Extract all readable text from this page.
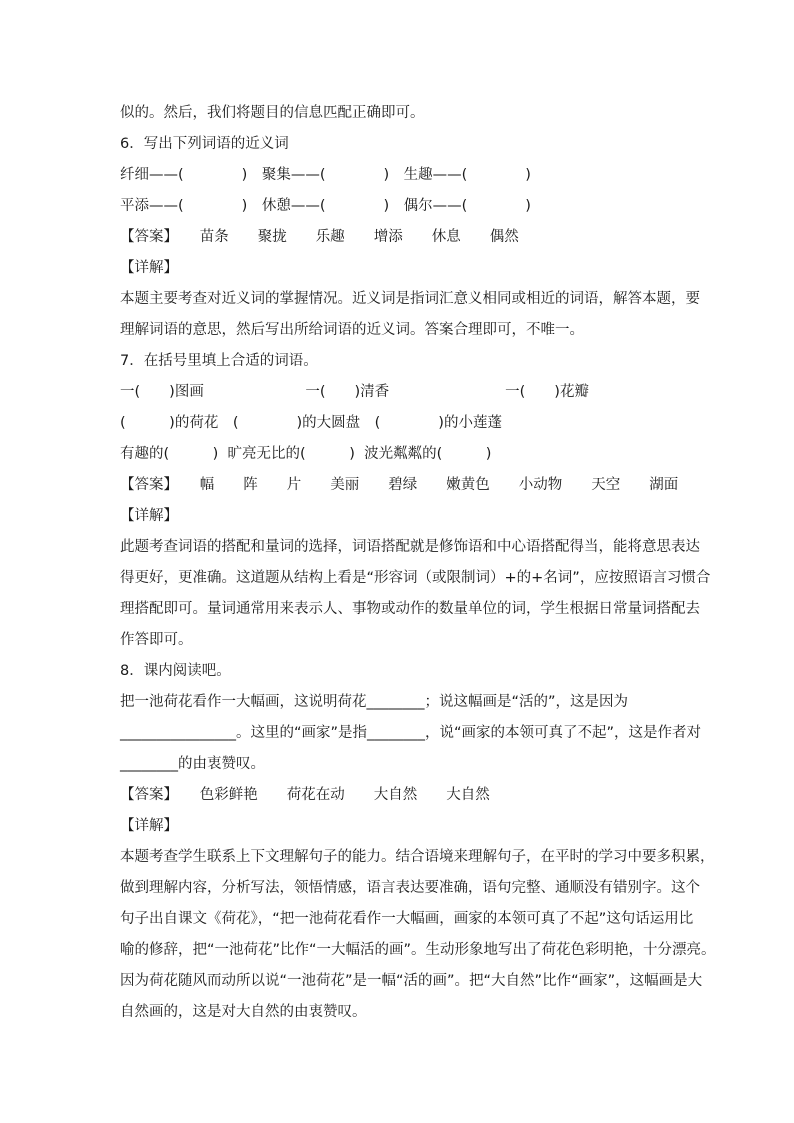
似的。然后，我们将题目的信息匹配正确即可。
6．写出下列词语的近义词
纤细——(　　　　)　聚集——(　　　　)　生趣——(　　　　)
平添——(　　　　)　休憩——(　　　　)　偶尔——(　　　　)
【答案】　　苗条　　聚拢　　乐趣　　增添　　休息　　偶然
【详解】
本题主要考查对近义词的掌握情况。近义词是指词汇意义相同或相近的词语，解答本题，要
理解词语的意思，然后写出所给词语的近义词。答案合理即可，不唯一。
7．在括号里填上合适的词语。
一(　　)图画　　　　　　　一(　　)清香　　　　　　　　一(　　)花瓣
(　　　)的荷花　(　　　　)的大圆盘　(　　　　)的小莲蓬
有趣的(　　　)  旷亮无比的(　　　)  波光粼粼的(　　　)
【答案】　　幅　　阵　　片　　美丽　　碧绿　　嫩黄色　　小动物　　天空　　湖面
【详解】
此题考查词语的搭配和量词的选择，词语搭配就是修饰语和中心语搭配得当，能将意思表达
得更好，更准确。这道题从结构上看是“形容词（或限制词）+的+名词”，应按照语言习惯合
理搭配即可。量词通常用来表示人、事物或动作的数量单位的词，学生根据日常量词搭配去
作答即可。
8．课内阅读吧。
把一池荷花看作一大幅画，这说明荷花________；说这幅画是“活的”，这是因为
________________。这里的“画家”是指________，说“画家的本领可真了不起”，这是作者对
________的由衷赞叹。
【答案】　　色彩鲜艳　　荷花在动　　大自然　　大自然
【详解】
本题考查学生联系上下文理解句子的能力。结合语境来理解句子，在平时的学习中要多积累，
做到理解内容，分析写法，领悟情感，语言表达要准确，语句完整、通顺没有错别字。这个
句子出自课文《荷花》，“把一池荷花看作一大幅画，画家的本领可真了不起”这句话运用比
喻的修辞，把“一池荷花”比作“一大幅活的画”。生动形象地写出了荷花色彩明艳，十分漂亮。
因为荷花随风而动所以说“一池荷花”是一幅“活的画”。把“大自然”比作“画家”，这幅画是大
自然画的，这是对大自然的由衷赞叹。
